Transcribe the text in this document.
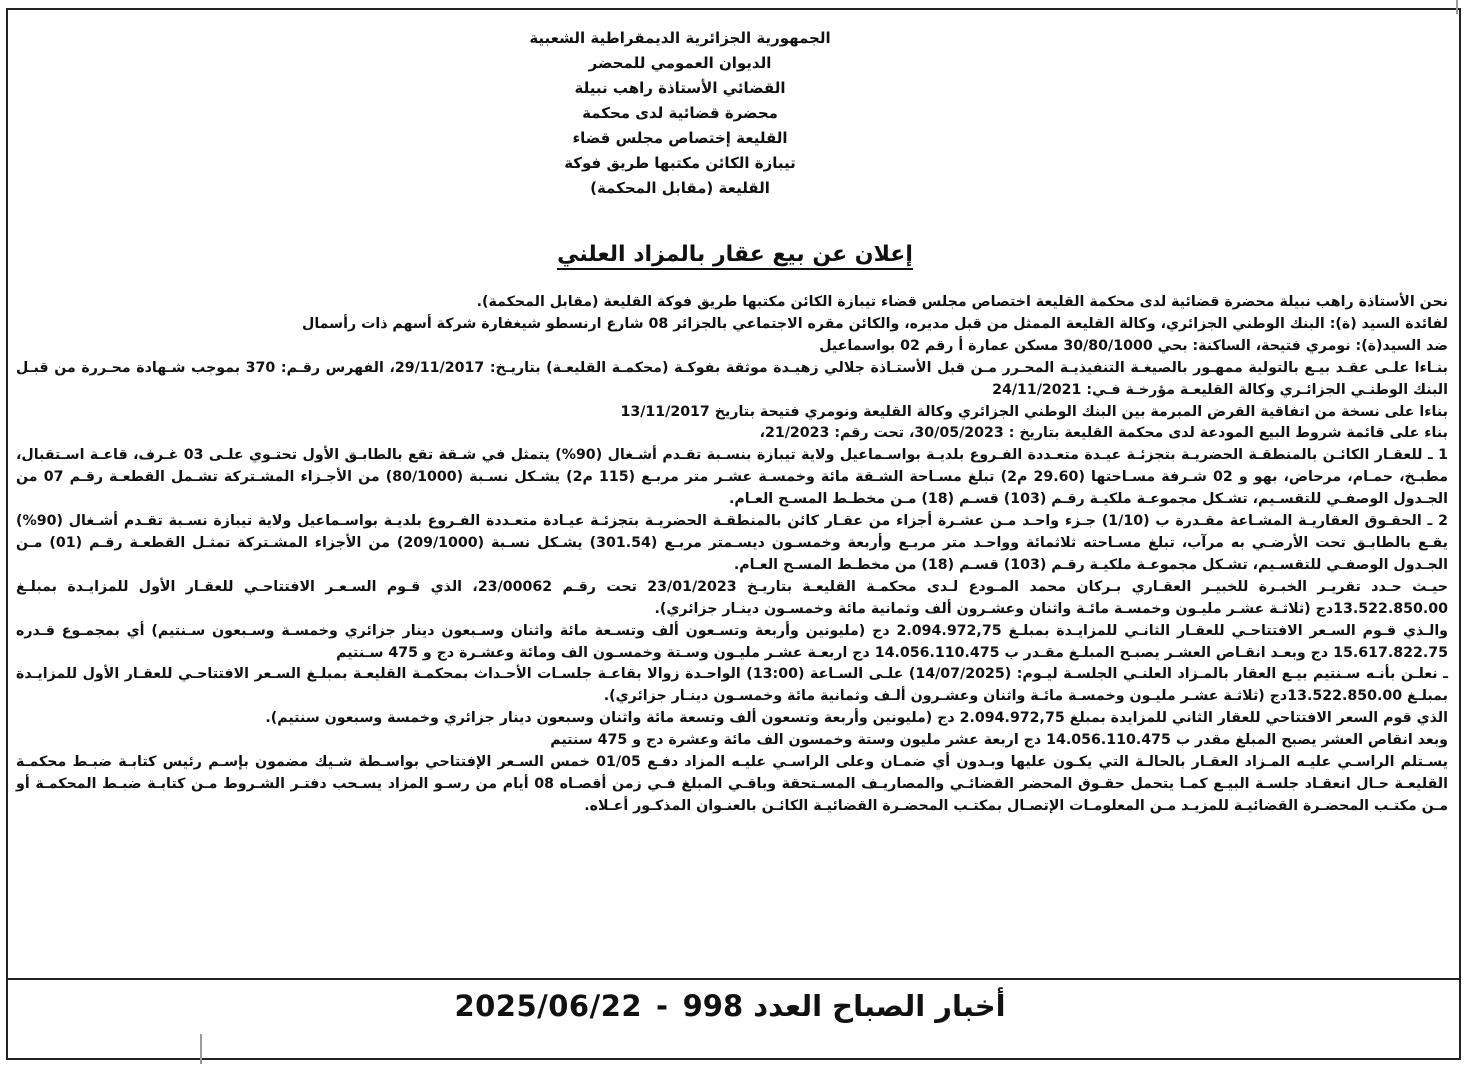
الجمهورية الجزائرية الديمقراطية الشعبية
الديوان العمومي للمحضر
القضائي الأستاذة راهب نبيلة
محضرة قضائية لدى محكمة
القليعة إختصاص مجلس قضاء
تيبازة الكائن مكتبها طريق فوكة
القليعة (مقابل المحكمة)
إعلان عن بيع عقار بالمزاد العلني

نحن الأستاذة راهب نبيلة محضرة قضائية لدى محكمة القليعة اختصاص مجلس قضاء تيبازة الكائن مكتبها طريق فوكة القليعة (مقابل المحكمة).

لفائدة السيد (ة): البنك الوطني الجزائري، وكالة القليعة الممثل من قبل مديره، والكائن مقره الاجتماعي بالجزائر 08 شارع ارنسطو شيغفارة شركة أسهم ذات رأسمال

ضد السيد(ة): نومري فتيحة، الساكنة: بحي 30/80/1000 مسكن عمارة أ رقم 02 بواسماعيل

بنـاءا علـى عقـد بيـع بالتولية ممهـور بالصيغـة التنفيذيـة المحـرر مـن قبل الأستـاذة جلالي زهيـدة موثقة بفوكـة (محكمـة القليعـة) بتاريـخ: 29/11/2017، الفهرس رقـم: 370 بموجب شـهادة محـررة من قبـل البنك الوطنـي الجزائـري وكالة القليعـة مؤرخـة فـي: 24/11/2021

بناءا على نسخة من اتفاقية القرض المبرمة بين البنك الوطني الجزائري وكالة القليعة ونومري فتيحة بتاريخ 13/11/2017

بناء على قائمة شروط البيع المودعة لدى محكمة القليعة بتاريخ : 30/05/2023، تحت رقم: 21/2023،

1 ـ للعقـار الكائـن بالمنطقـة الحضريـة بتجزئـة عيـدة متعـددة الفـروع بلديـة بواسـماعيل ولاية تيبازة بنسـبة تقـدم أشـغال (90%) يتمثل في شـقة تقع بالطابـق الأول تحتـوي علـى 03 غـرف، قاعـة اسـتقبال، مطبـخ، حمـام، مرحاض، بهو و 02 شـرفة مسـاحتها (29.60 م2) تبلغ مسـاحة الشـقة مائة وخمسـة عشـر متر مربـع (115 م2) يشـكل نسـبة (80/1000) من الأجـزاء المشـتركة تشـمل القطعـة رقـم 07 من الجـدول الوصفـي للتقسـيم، تشـكل مجموعـة ملكيـة رقـم (103) قسـم (18) مـن مخطـط المسـح العـام.

2 ـ الحقـوق العقاريـة المشـاعة مقـدرة ب (1/10) جـزء واحـد مـن عشـرة أجزاء من عقـار كائن بالمنطقـة الحضريـة بتجزئـة عيـادة متعـددة الفـروع بلديـة بواسـماعيل ولاية تيبازة نسـبة تقـدم أشـغال (90%) يقـع بالطابـق تحت الأرضـي به مرآب، تبلغ مسـاحته ثلاثمائة وواحـد متر مربـع وأربعة وخمسـون ديسـمتر مربـع (301.54) يشـكل نسـبة (209/1000) من الأجزاء المشـتركة تمثـل القطعـة رقـم (01) مـن الجـدول الوصفـي للتقسـيم، تشـكل مجموعـة ملكيـة رقـم (103) قسـم (18) من مخطـط المسـح العـام.

حيـث حـدد تقريـر الخبـرة للخبيـر العقـاري بـركان محمد المـودع لـدى محكمـة القليعـة بتاريـخ 23/01/2023 تحت رقـم 23/00062، الذي قـوم السـعـر الافتتاحـي للعقـار الأول للمزايـدة بمبلـغ 13.522.850.00دج (ثلاثـة عشـر مليـون وخمسـة مائـة واثنان وعشـرون ألف وثمانية مائة وخمسـون دينـار جزائري).

والـذي قـوم السـعر الافتتاحـي للعقـار الثانـي للمزايـدة بمبلـغ 2.094.972,75 دج (مليونين وأربعة وتسـعون ألف وتسـعة مائة واثنان وسـبعون دينار جزائري وخمسـة وسـبعون سـنتيم) أي بمجمـوع قـدره 15.617.822.75 دج وبعـد انقـاص العشـر يصبـح المبلـغ مقـدر ب 14.056.110.475 دج اربعـة عشـر مليـون وسـتة وخمسـون الف ومائة وعشـرة دج و 475 سـنتيم

ـ نعلـن بأنـه سـنتيم بيـع العقار بالمـزاد العلنـي الجلسـة ليـوم: (14/07/2025) علـى السـاعة (13:00) الواحـدة زوالا بقاعـة جلسـات الأحـداث بمحكمـة القليعـة بمبلـغ السـعر الافتتاحـي للعقـار الأول للمزايـدة بمبلـغ 13.522.850.00دج (ثلاثـة عشـر مليـون وخمسـة مائـة واثنان وعشـرون ألـف وثمانية مائة وخمسـون دينـار جزائري).

الذي قوم السعر الافتتاحي للعقار الثاني للمزايدة بمبلغ 2.094.972,75 دج (مليونين وأربعة وتسعون ألف وتسعة مائة واثنان وسبعون دينار جزائري وخمسة وسبعون سنتيم).

وبعد انقاص العشر يصبح المبلغ مقدر ب 14.056.110.475 دج اربعة عشر مليون وستة وخمسون الف مائة وعشرة دج و 475 سنتيم

يسـتلم الراسـي عليـه المـزاد العقـار بالحالـة التي يكـون عليها وبـدون أي ضمـان وعلى الراسـي عليـه المزاد دفـع 01/05 خمس السـعر الإفتتاحي بواسـطة شـيك مضمون بإسـم رئيس كتابـة ضبـط محكمـة القليعـة حـال انعقـاد جلسـة البيـع كمـا يتحمل حقـوق المحضر القضائـي والمصاريـف المسـتحقة وباقـي المبلغ فـي زمن أقصـاه 08 أيام من رسـو المزاد يسـحب دفتـر الشـروط مـن كتابـة ضبـط المحكمـة أو مـن مكتـب المحضـرة القضائيـة للمزيـد مـن المعلومـات الإتصـال بمكتـب المحضـرة القضائيـة الكائـن بالعنـوان المذكـور أعـلاه.

2025/06/22 - أخبار الصباح العدد 998
